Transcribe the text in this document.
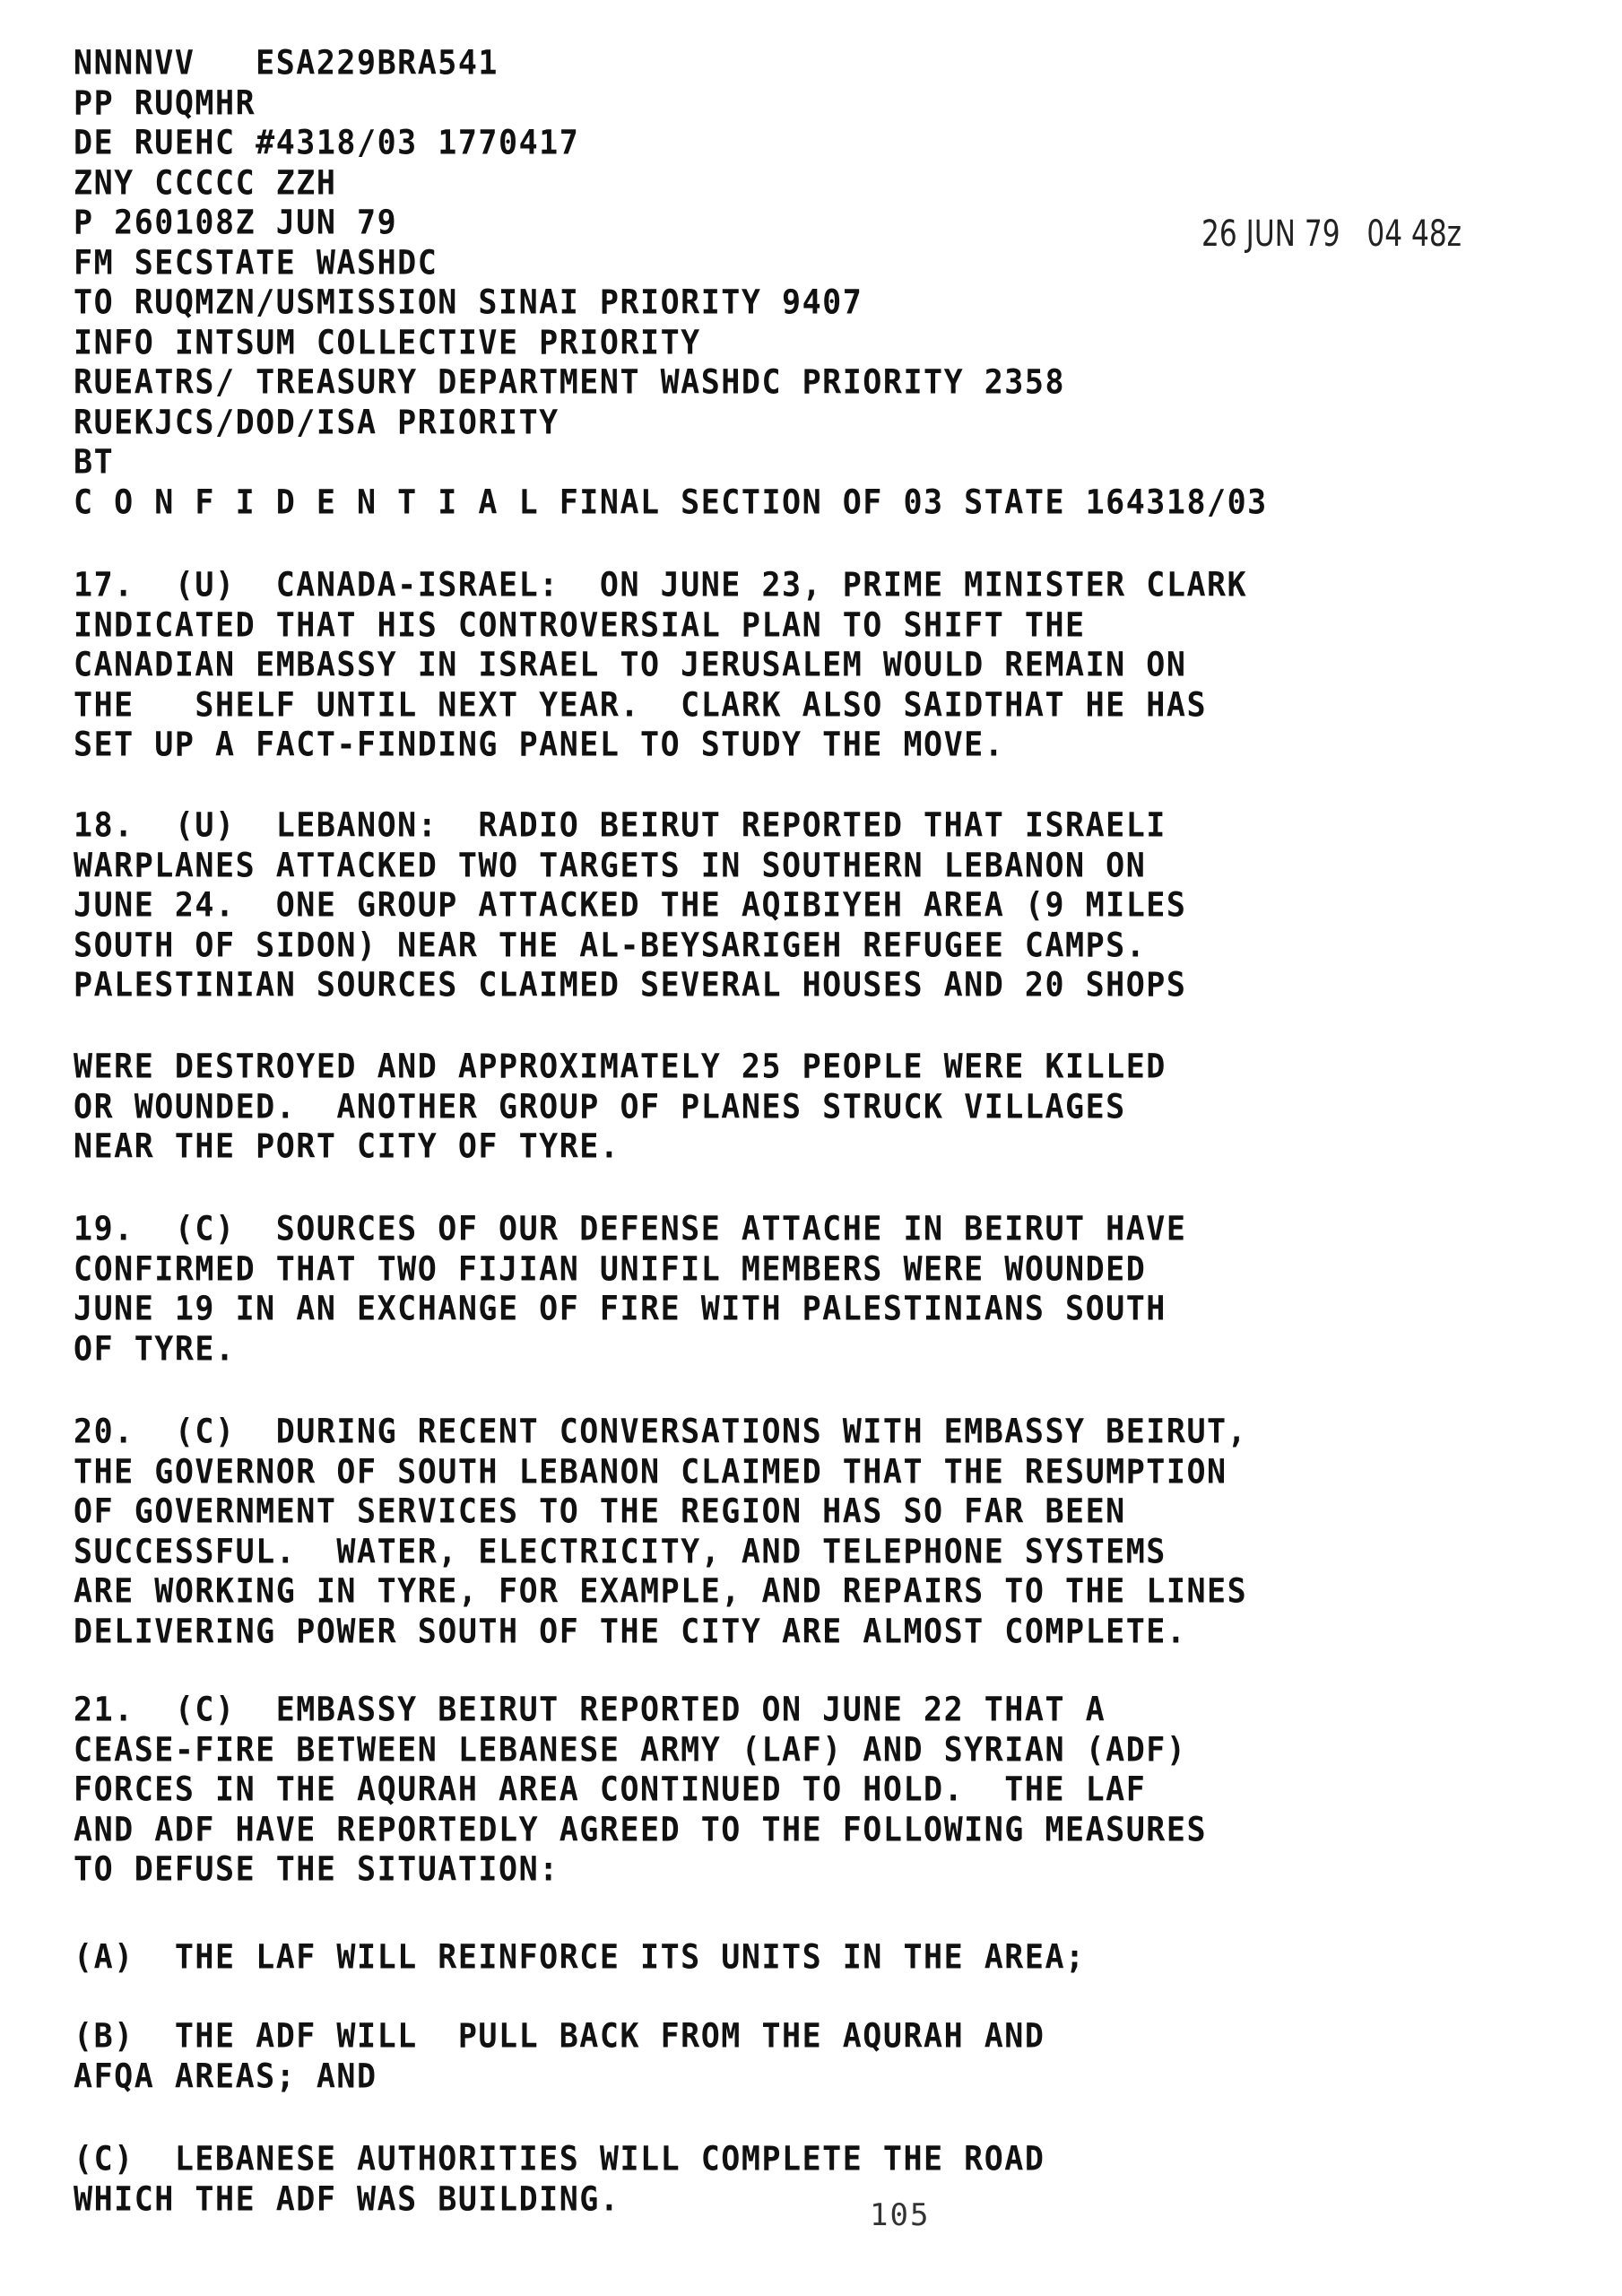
NNNNVV   ESA229BRA541
PP RUQMHR
DE RUEHC #4318/03 1770417
ZNY CCCCC ZZH
P 260108Z JUN 79
FM SECSTATE WASHDC
TO RUQMZN/USMISSION SINAI PRIORITY 9407
INFO INTSUM COLLECTIVE PRIORITY
RUEATRS/ TREASURY DEPARTMENT WASHDC PRIORITY 2358
RUEKJCS/DOD/ISA PRIORITY
BT
C O N F I D E N T I A L FINAL SECTION OF 03 STATE 164318/03
17.  (U)  CANADA-ISRAEL:  ON JUNE 23, PRIME MINISTER CLARK
INDICATED THAT HIS CONTROVERSIAL PLAN TO SHIFT THE
CANADIAN EMBASSY IN ISRAEL TO JERUSALEM WOULD REMAIN ON
THE   SHELF UNTIL NEXT YEAR.  CLARK ALSO SAIDTHAT HE HAS
SET UP A FACT-FINDING PANEL TO STUDY THE MOVE.
18.  (U)  LEBANON:  RADIO BEIRUT REPORTED THAT ISRAELI
WARPLANES ATTACKED TWO TARGETS IN SOUTHERN LEBANON ON
JUNE 24.  ONE GROUP ATTACKED THE AQIBIYEH AREA (9 MILES
SOUTH OF SIDON) NEAR THE AL-BEYSARIGEH REFUGEE CAMPS.
PALESTINIAN SOURCES CLAIMED SEVERAL HOUSES AND 20 SHOPS
WERE DESTROYED AND APPROXIMATELY 25 PEOPLE WERE KILLED
OR WOUNDED.  ANOTHER GROUP OF PLANES STRUCK VILLAGES
NEAR THE PORT CITY OF TYRE.
19.  (C)  SOURCES OF OUR DEFENSE ATTACHE IN BEIRUT HAVE
CONFIRMED THAT TWO FIJIAN UNIFIL MEMBERS WERE WOUNDED
JUNE 19 IN AN EXCHANGE OF FIRE WITH PALESTINIANS SOUTH
OF TYRE.
20.  (C)  DURING RECENT CONVERSATIONS WITH EMBASSY BEIRUT,
THE GOVERNOR OF SOUTH LEBANON CLAIMED THAT THE RESUMPTION
OF GOVERNMENT SERVICES TO THE REGION HAS SO FAR BEEN
SUCCESSFUL.  WATER, ELECTRICITY, AND TELEPHONE SYSTEMS
ARE WORKING IN TYRE, FOR EXAMPLE, AND REPAIRS TO THE LINES
DELIVERING POWER SOUTH OF THE CITY ARE ALMOST COMPLETE.
21.  (C)  EMBASSY BEIRUT REPORTED ON JUNE 22 THAT A
CEASE-FIRE BETWEEN LEBANESE ARMY (LAF) AND SYRIAN (ADF)
FORCES IN THE AQURAH AREA CONTINUED TO HOLD.  THE LAF
AND ADF HAVE REPORTEDLY AGREED TO THE FOLLOWING MEASURES
TO DEFUSE THE SITUATION:
(A)  THE LAF WILL REINFORCE ITS UNITS IN THE AREA;
(B)  THE ADF WILL  PULL BACK FROM THE AQURAH AND
AFQA AREAS; AND
(C)  LEBANESE AUTHORITIES WILL COMPLETE THE ROAD
WHICH THE ADF WAS BUILDING.
26 JUN 79   04 48z
105
